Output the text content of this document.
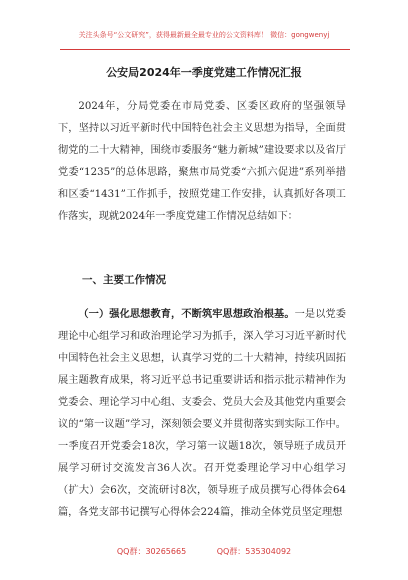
关注头条号“公文研究”，获得最新最全最专业的公文资料库！ 微信：gongwenyj
公安局2024年一季度党建工作情况汇报
2024年，分局党委在市局党委、区委区政府的坚强领导下，坚持以习近平新时代中国特色社会主义思想为指导，全面贯彻党的二十大精神，围绕市委服务“魅力新城”建设要求以及省厅党委“1235”的总体思路，聚焦市局党委“六抓六促进”系列举措和区委“1431”工作抓手，按照党建工作安排，认真抓好各项工作落实，现就2024年一季度党建工作情况总结如下：
一、主要工作情况
（一）强化思想教育，不断筑牢思想政治根基。一是以党委理论中心组学习和政治理论学习为抓手，深入学习习近平新时代中国特色社会主义思想，认真学习党的二十大精神，持续巩固拓展主题教育成果，将习近平总书记重要讲话和指示批示精神作为党委会、理论学习中心组、支委会、党员大会及其他党内重要会议的“第一议题”学习，深刻领会要义并贯彻落实到实际工作中。一季度召开党委会18次，学习第一议题18次，领导班子成员开展学习研讨交流发言36人次。召开党委理论学习中心组学习（扩大）会6次，交流研讨8次，领导班子成员撰写心得体会64篇，各党支部书记撰写心得体会224篇，推动全体党员坚定理想
QQ群：30265665	QQ群：535304092
